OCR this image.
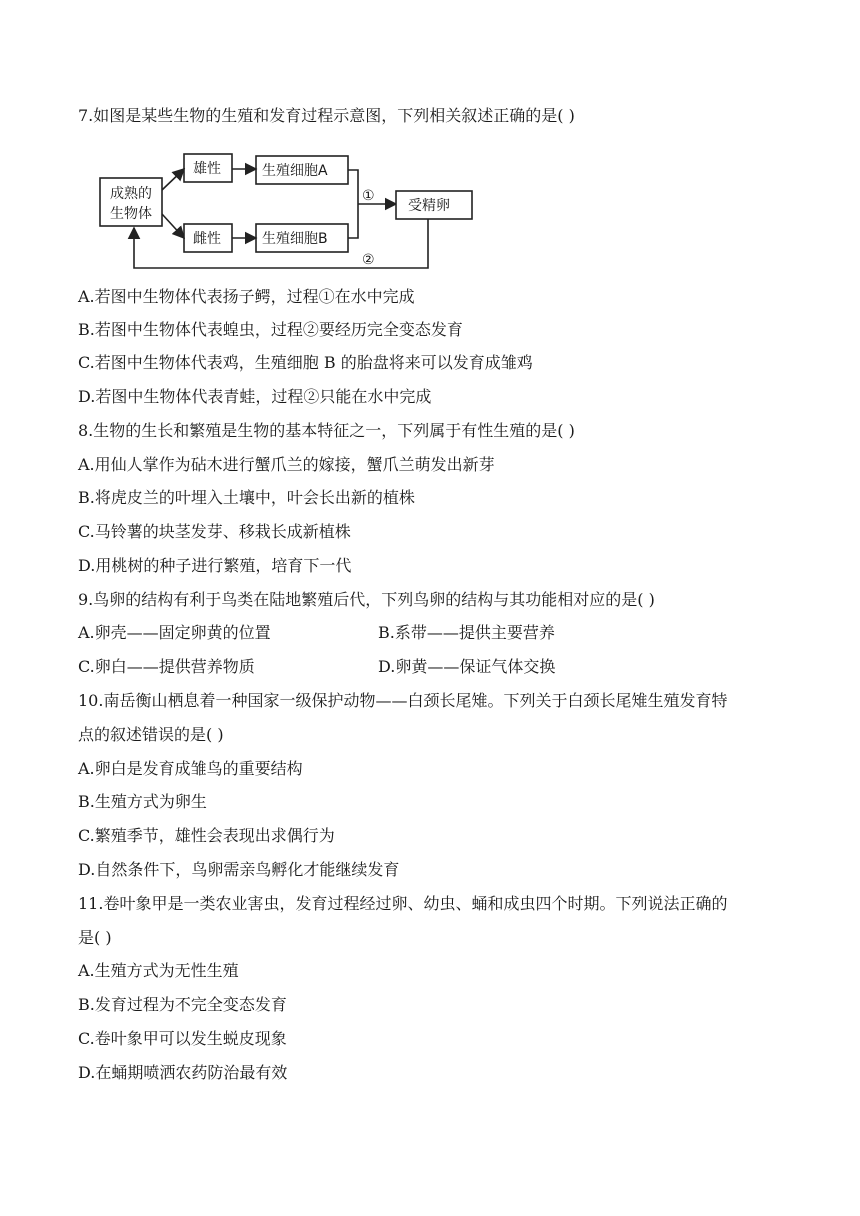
7.如图是某些生物的生殖和发育过程示意图，下列相关叙述正确的是( )
成熟的
生物体
雄性
雌性
生殖细胞A
生殖细胞B
①
受精卵
②
A.若图中生物体代表扬子鳄，过程①在水中完成
B.若图中生物体代表蝗虫，过程②要经历完全变态发育
C.若图中生物体代表鸡，生殖细胞 B 的胎盘将来可以发育成雏鸡
D.若图中生物体代表青蛙，过程②只能在水中完成
8.生物的生长和繁殖是生物的基本特征之一，下列属于有性生殖的是( )
A.用仙人掌作为砧木进行蟹爪兰的嫁接，蟹爪兰萌发出新芽
B.将虎皮兰的叶埋入土壤中，叶会长出新的植株
C.马铃薯的块茎发芽、移栽长成新植株
D.用桃树的种子进行繁殖，培育下一代
9.鸟卵的结构有利于鸟类在陆地繁殖后代，下列鸟卵的结构与其功能相对应的是( )
A.卵壳——固定卵黄的位置	B.系带——提供主要营养
C.卵白——提供营养物质	D.卵黄——保证气体交换
10.南岳衡山栖息着一种国家一级保护动物——白颈长尾雉。下列关于白颈长尾雉生殖发育特
点的叙述错误的是( )
A.卵白是发育成雏鸟的重要结构
B.生殖方式为卵生
C.繁殖季节，雄性会表现出求偶行为
D.自然条件下，鸟卵需亲鸟孵化才能继续发育
11.卷叶象甲是一类农业害虫，发育过程经过卵、幼虫、蛹和成虫四个时期。下列说法正确的
是( )
A.生殖方式为无性生殖
B.发育过程为不完全变态发育
C.卷叶象甲可以发生蜕皮现象
D.在蛹期喷洒农药防治最有效
